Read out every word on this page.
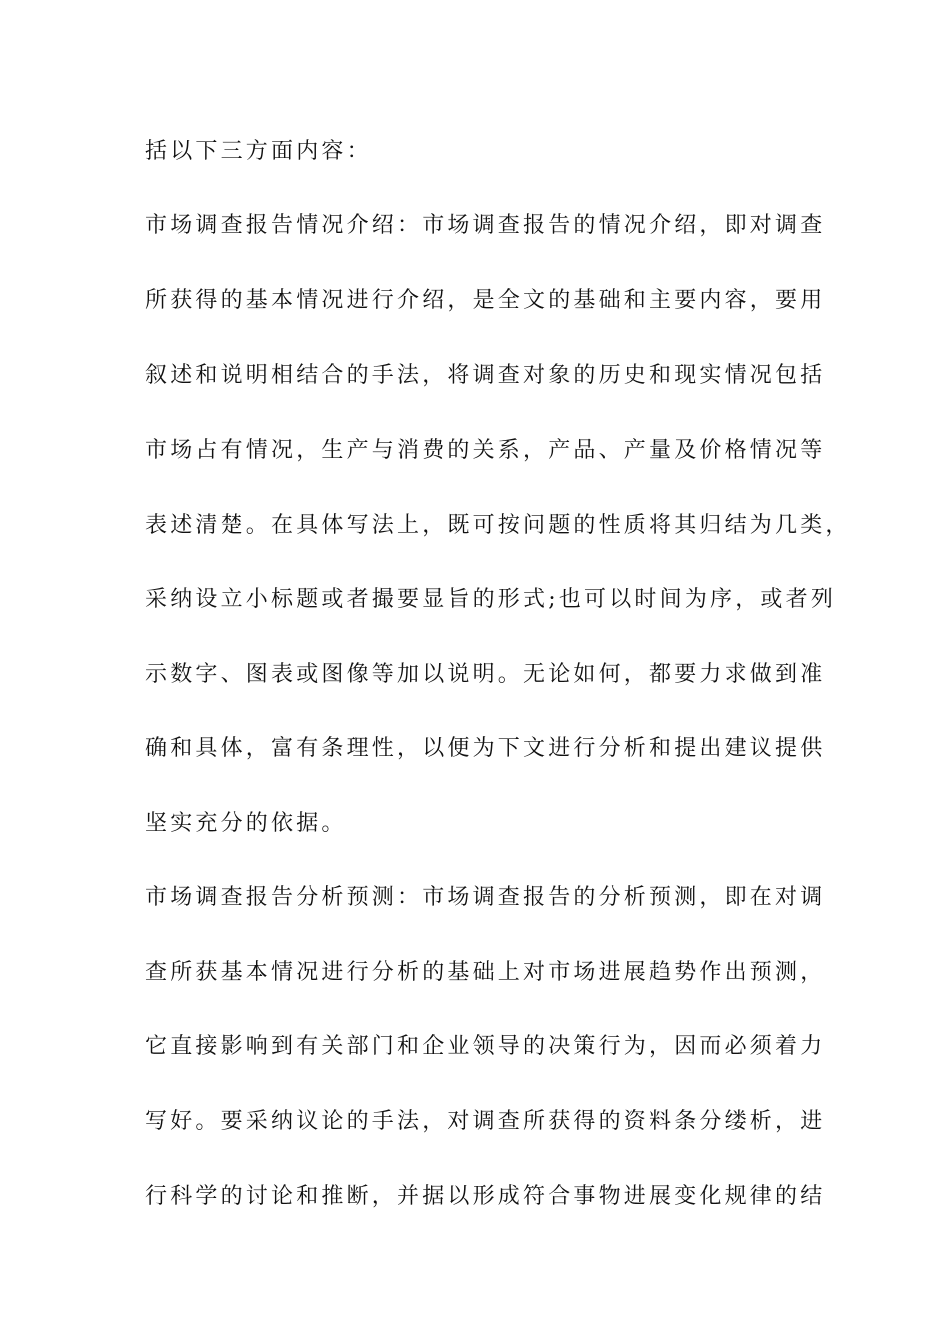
括以下三方面内容：
市场调查报告情况介绍：市场调查报告的情况介绍，即对调查
所获得的基本情况进行介绍，是全文的基础和主要内容，要用
叙述和说明相结合的手法，将调查对象的历史和现实情况包括
市场占有情况，生产与消费的关系，产品、产量及价格情况等
表述清楚。在具体写法上，既可按问题的性质将其归结为几类，
采纳设立小标题或者撮要显旨的形式;也可以时间为序，或者列
示数字、图表或图像等加以说明。无论如何，都要力求做到准
确和具体，富有条理性，以便为下文进行分析和提出建议提供
坚实充分的依据。
市场调查报告分析预测：市场调查报告的分析预测，即在对调
查所获基本情况进行分析的基础上对市场进展趋势作出预测，
它直接影响到有关部门和企业领导的决策行为，因而必须着力
写好。要采纳议论的手法，对调查所获得的资料条分缕析，进
行科学的讨论和推断，并据以形成符合事物进展变化规律的结
